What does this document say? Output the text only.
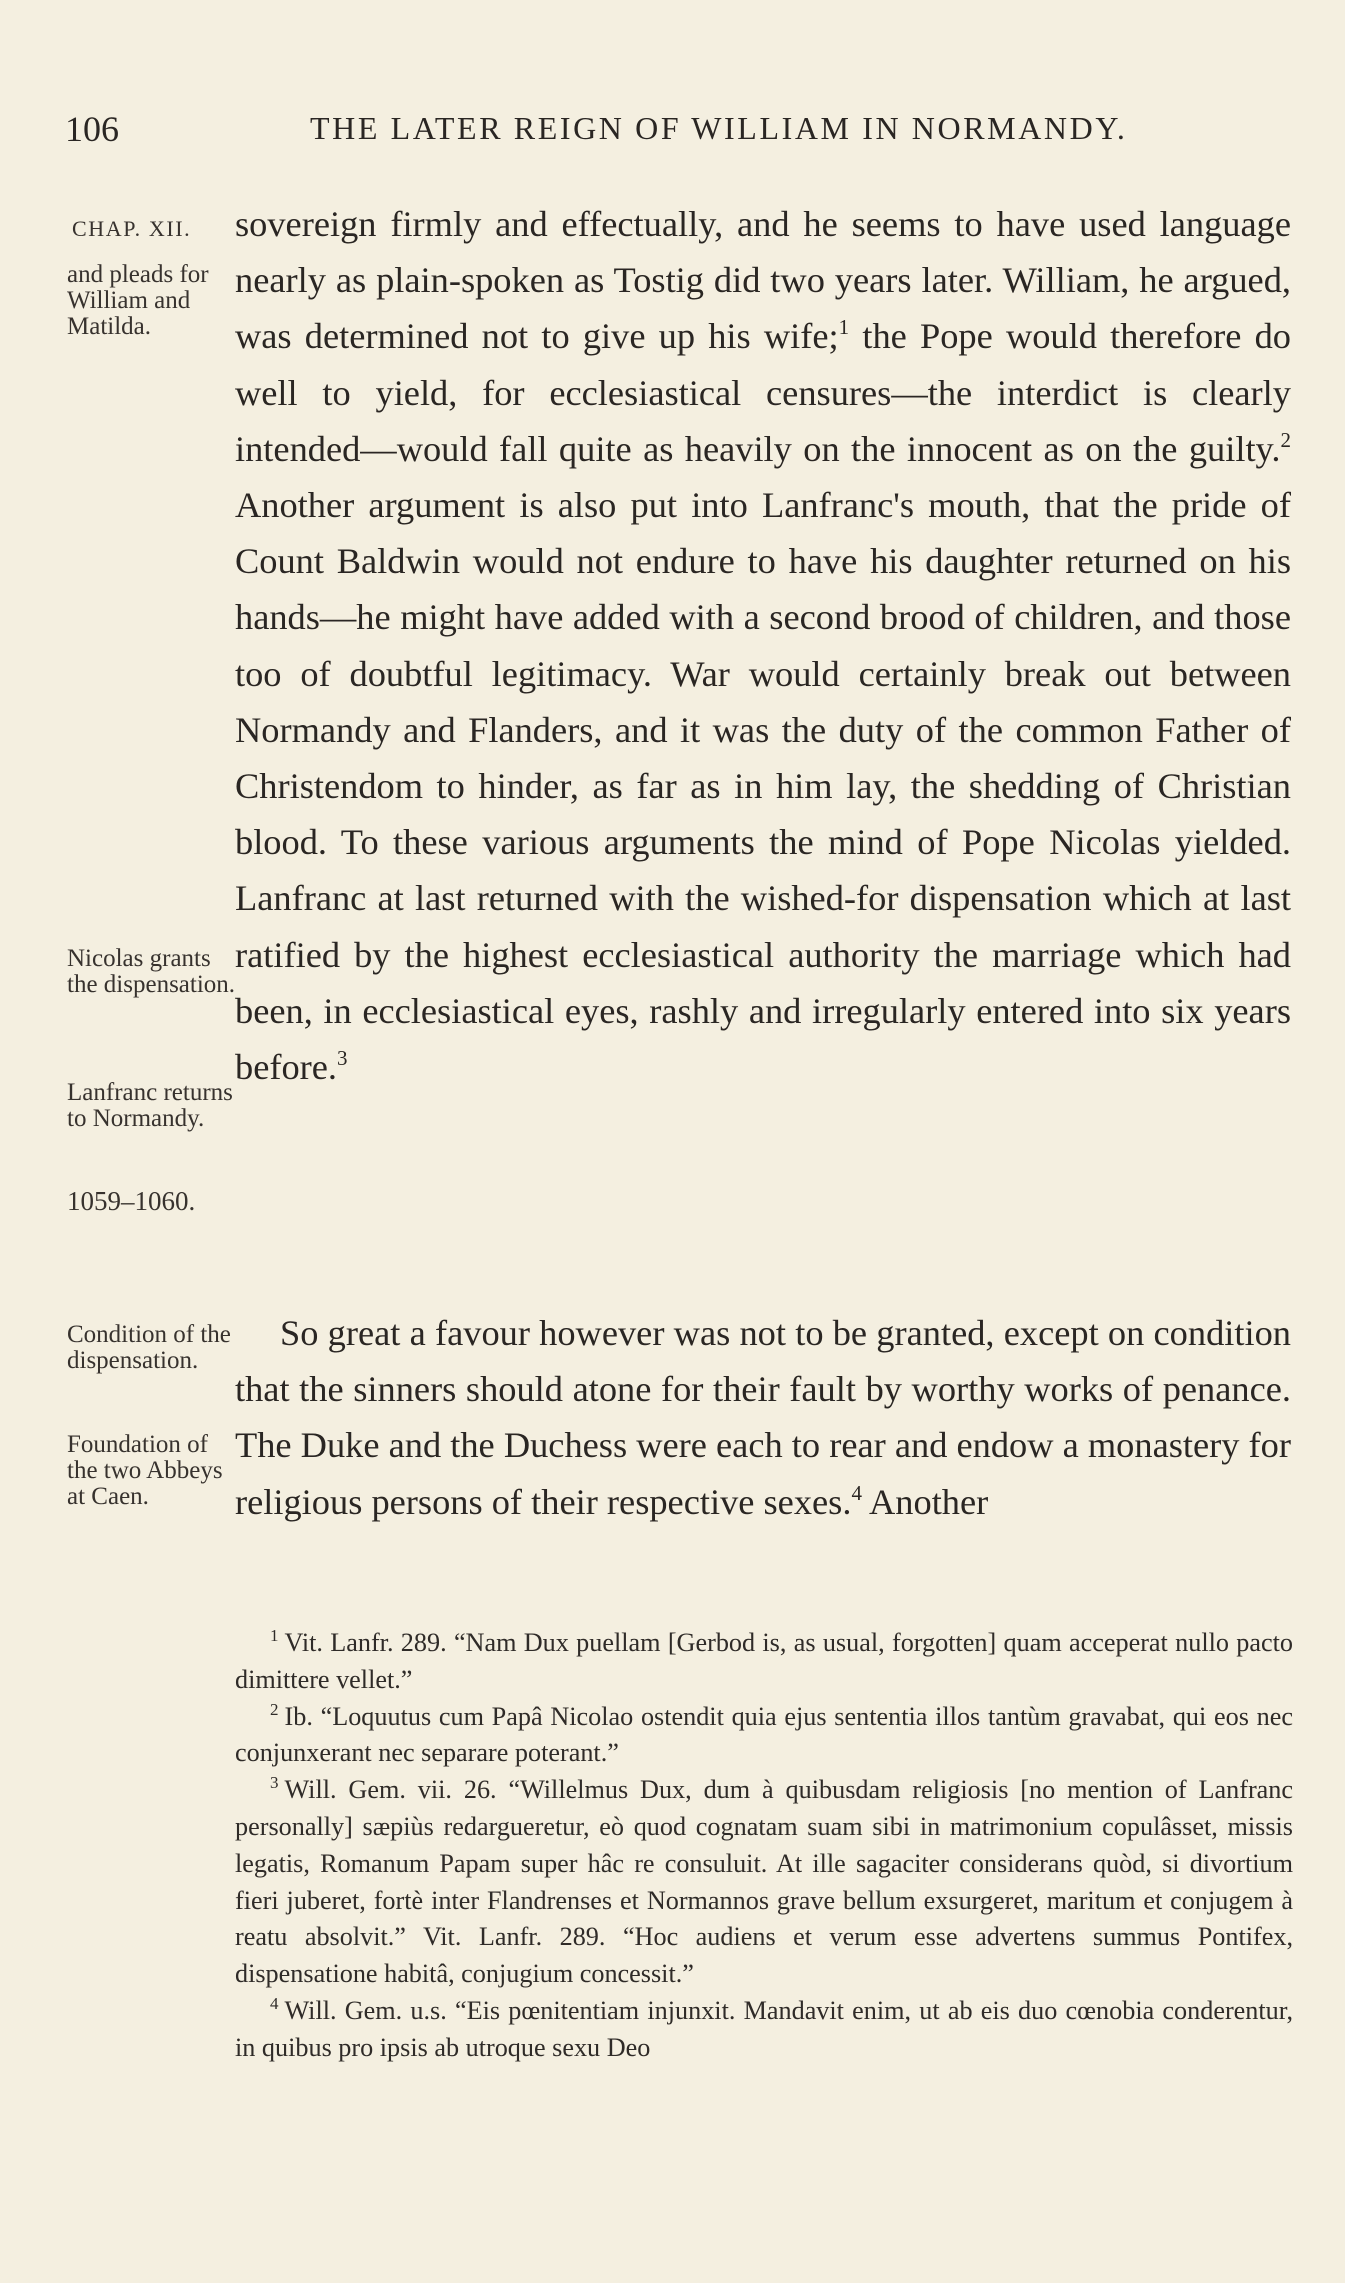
106	THE LATER REIGN OF WILLIAM IN NORMANDY.
CHAP. XII.
and pleads for William and Matilda.
Nicolas grants the dispensation.
Lanfranc returns to Normandy.
1059–1060.
Condition of the dispensation.
Foundation of the two Abbeys at Caen.
sovereign firmly and effectually, and he seems to have used language nearly as plain-spoken as Tostig did two years later. William, he argued, was determined not to give up his wife;$^1$ the Pope would therefore do well to yield, for ecclesiastical censures—the interdict is clearly intended—would fall quite as heavily on the innocent as on the guilty.$^2$ Another argument is also put into Lanfranc's mouth, that the pride of Count Baldwin would not endure to have his daughter returned on his hands—he might have added with a second brood of children, and those too of doubtful legitimacy. War would certainly break out between Normandy and Flanders, and it was the duty of the common Father of Christendom to hinder, as far as in him lay, the shedding of Christian blood. To these various arguments the mind of Pope Nicolas yielded. Lanfranc at last returned with the wished-for dispensation which at last ratified by the highest ecclesiastical authority the marriage which had been, in ecclesiastical eyes, rashly and irregularly entered into six years before.$^3$
So great a favour however was not to be granted, except on condition that the sinners should atone for their fault by worthy works of penance. The Duke and the Duchess were each to rear and endow a monastery for religious persons of their respective sexes.$^4$ Another

$^1$ Vit. Lanfr. 289. “Nam Dux puellam [Gerbod is, as usual, forgotten] quam acceperat nullo pacto dimittere vellet.”

$^2$ Ib. “Loquutus cum Papâ Nicolao ostendit quia ejus sententia illos tantùm gravabat, qui eos nec conjunxerant nec separare poterant.”

$^3$ Will. Gem. vii. 26. “Willelmus Dux, dum à quibusdam religiosis [no mention of Lanfranc personally] sæpiùs redargueretur, eò quod cognatam suam sibi in matrimonium copulâsset, missis legatis, Romanum Papam super hâc re consuluit. At ille sagaciter considerans quòd, si divortium fieri juberet, fortè inter Flandrenses et Normannos grave bellum exsurgeret, maritum et conjugem à reatu absolvit.” Vit. Lanfr. 289. “Hoc audiens et verum esse advertens summus Pontifex, dispensatione habitâ, conjugium concessit.”

$^4$ Will. Gem. u.s. “Eis pœnitentiam injunxit. Mandavit enim, ut ab eis duo cœnobia conderentur, in quibus pro ipsis ab utroque sexu Deo
